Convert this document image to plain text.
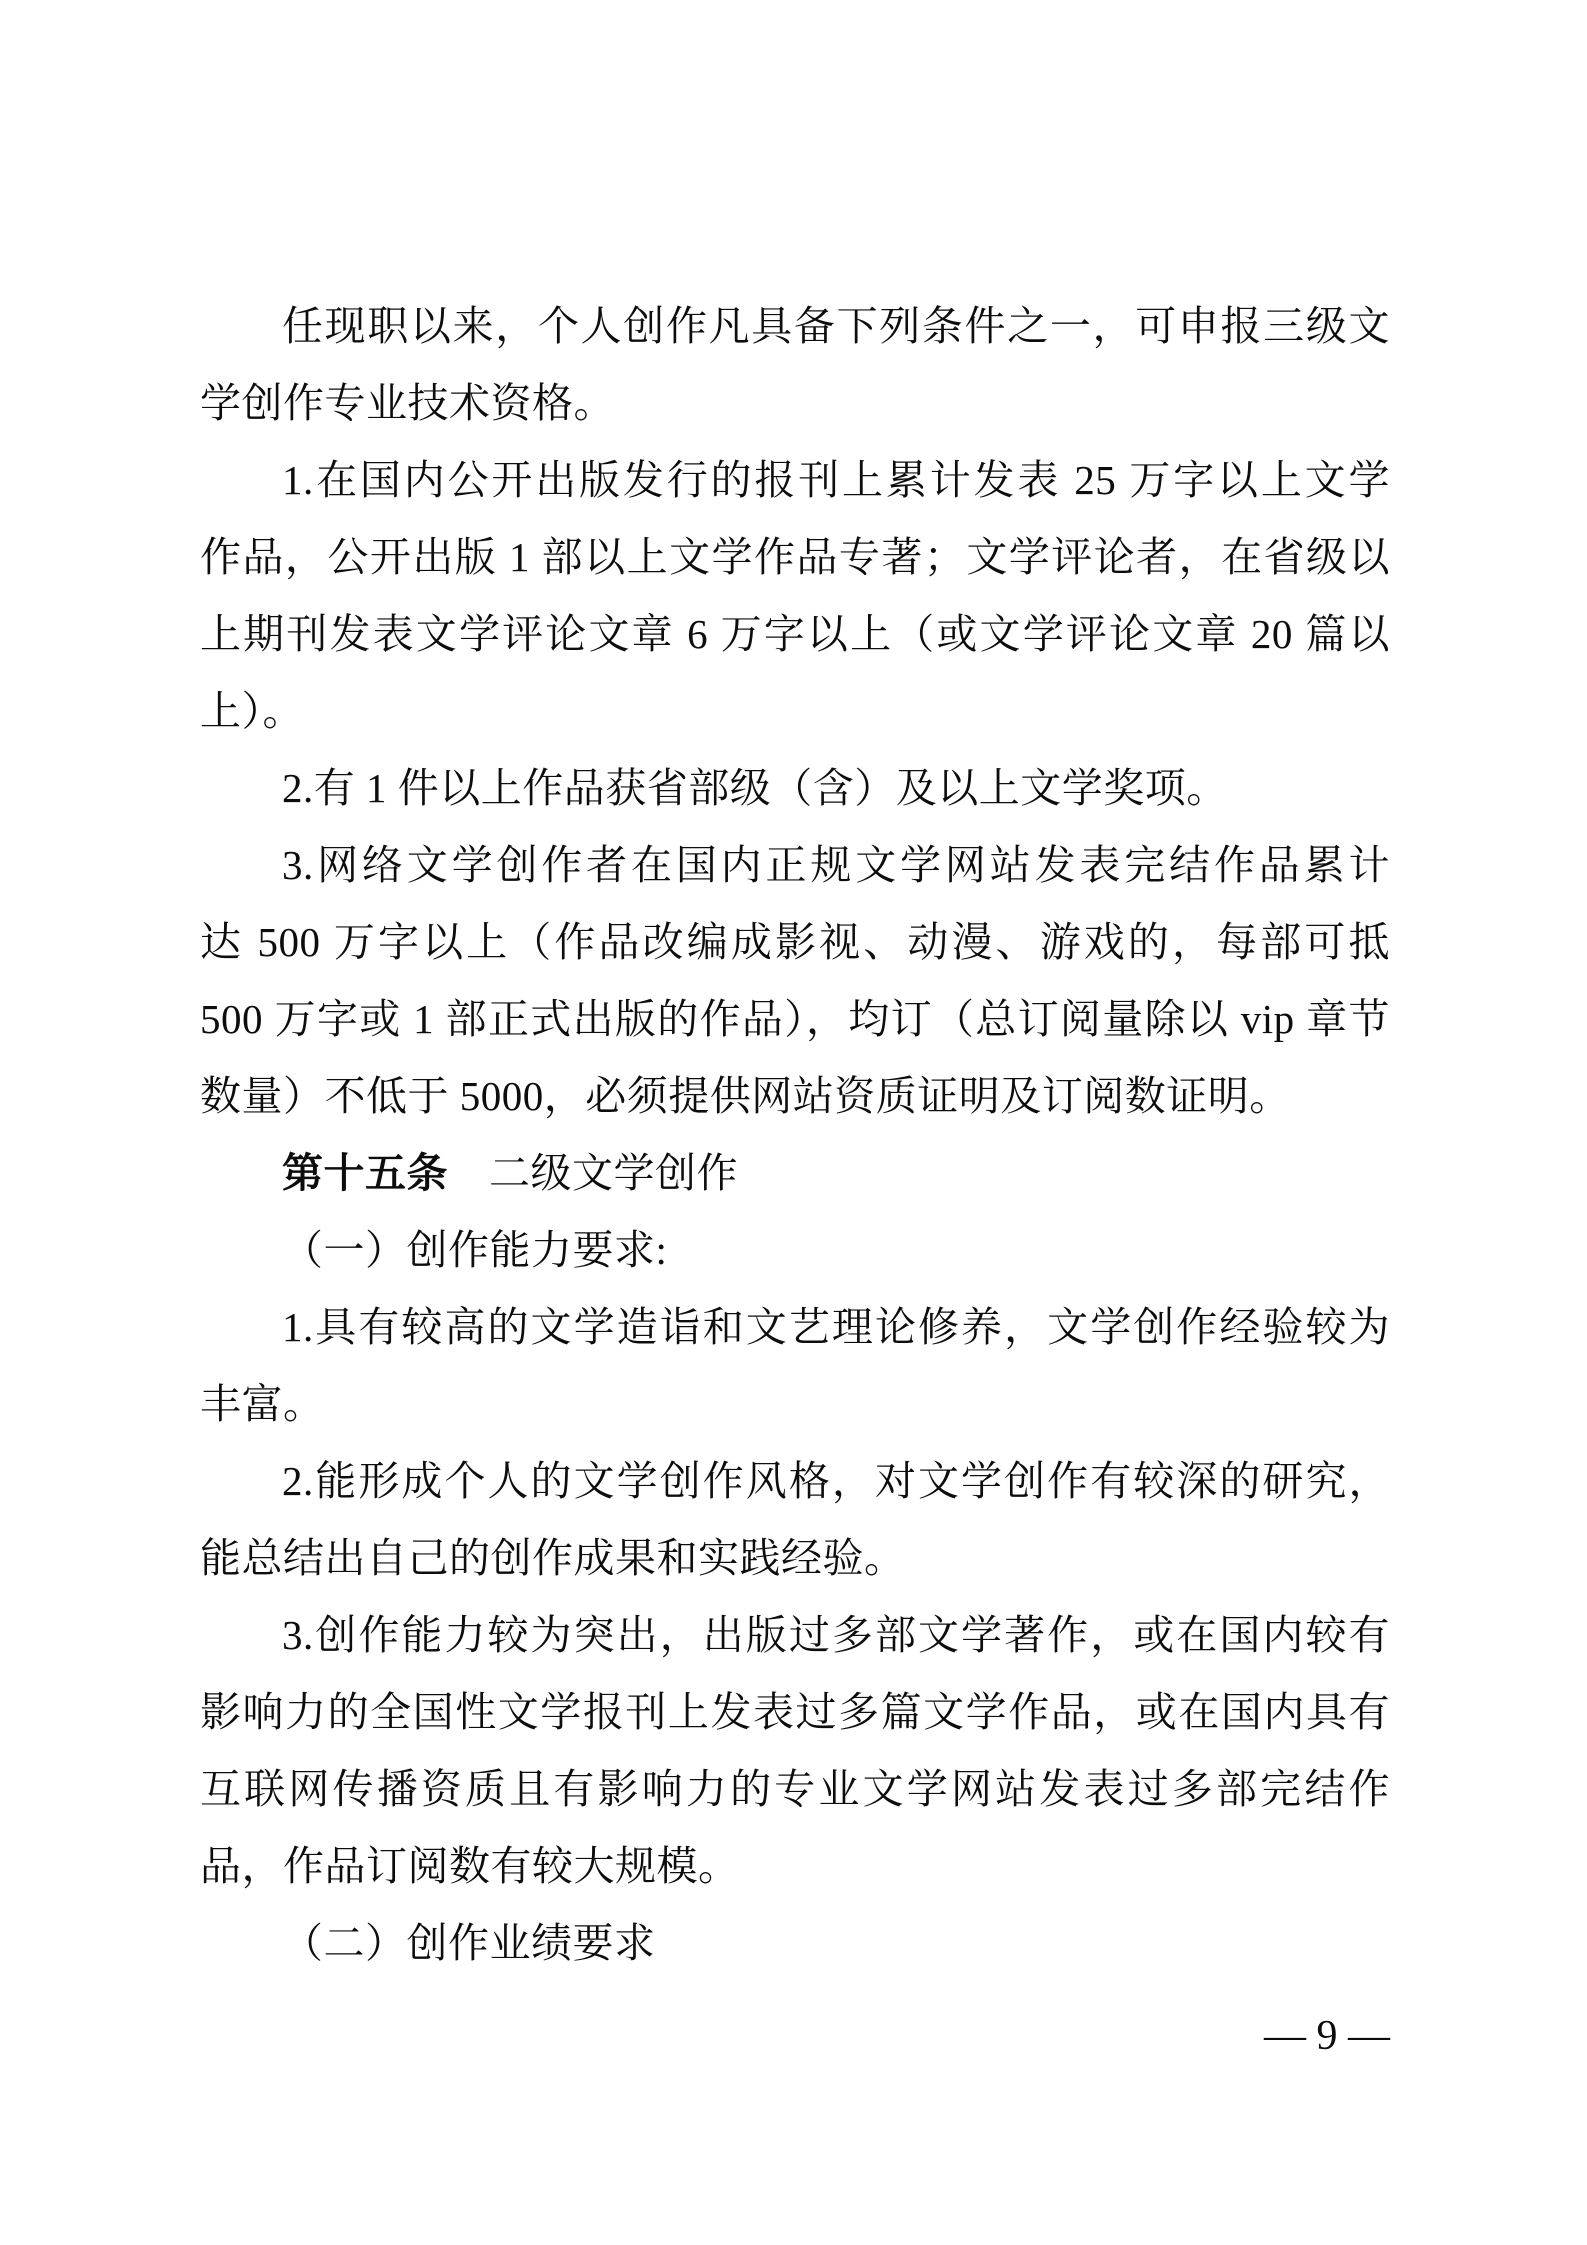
任现职以来，个人创作凡具备下列条件之一，可申报三级文
学创作专业技术资格。
1.在国内公开出版发行的报刊上累计发表 25 万字以上文学
作品，公开出版 1 部以上文学作品专著；文学评论者，在省级以
上期刊发表文学评论文章 6 万字以上（或文学评论文章 20 篇以
上）。
2.有 1 件以上作品获省部级（含）及以上文学奖项。
3.网络文学创作者在国内正规文学网站发表完结作品累计
达 500 万字以上（作品改编成影视、动漫、游戏的，每部可抵
500 万字或 1 部正式出版的作品），均订（总订阅量除以 vip 章节
数量）不低于 5000，必须提供网站资质证明及订阅数证明。
第十五条 二级文学创作
（一）创作能力要求:
1.具有较高的文学造诣和文艺理论修养，文学创作经验较为
丰富。
2.能形成个人的文学创作风格，对文学创作有较深的研究，
能总结出自己的创作成果和实践经验。
3.创作能力较为突出，出版过多部文学著作，或在国内较有
影响力的全国性文学报刊上发表过多篇文学作品，或在国内具有
互联网传播资质且有影响力的专业文学网站发表过多部完结作
品，作品订阅数有较大规模。
（二）创作业绩要求
— 9 —
